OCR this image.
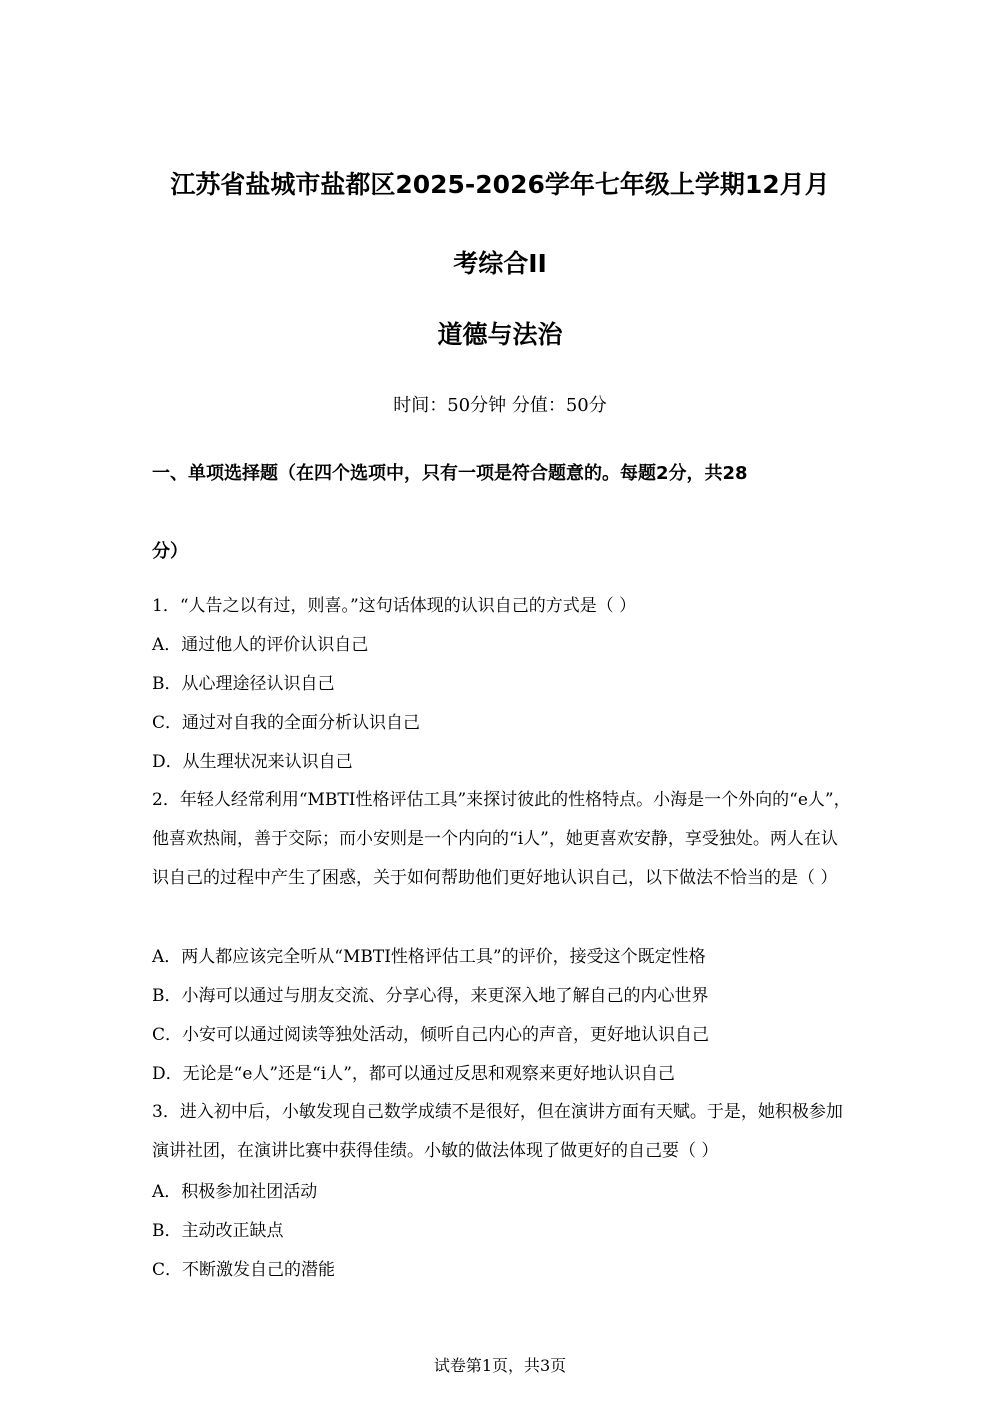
江苏省盐城市盐都区2025-2026学年七年级上学期12月月
考综合II
道德与法治
时间：50分钟 分值：50分
一、单项选择题（在四个选项中，只有一项是符合题意的。每题2分，共28
分）

1．“人告之以有过，则喜。”这句话体现的认识自己的方式是（ ）

A．通过他人的评价认识自己

B．从心理途径认识自己

C．通过对自我的全面分析认识自己

D．从生理状况来认识自己

2．年轻人经常利用“MBTI性格评估工具”来探讨彼此的性格特点。小海是一个外向的“e人”，他喜欢热闹，善于交际；而小安则是一个内向的“i人”，她更喜欢安静，享受独处。两人在认识自己的过程中产生了困惑，关于如何帮助他们更好地认识自己，以下做法不恰当的是（ ）

A．两人都应该完全听从“MBTI性格评估工具”的评价，接受这个既定性格

B．小海可以通过与朋友交流、分享心得，来更深入地了解自己的内心世界

C．小安可以通过阅读等独处活动，倾听自己内心的声音，更好地认识自己

D．无论是“e人”还是“i人”，都可以通过反思和观察来更好地认识自己

3．进入初中后，小敏发现自己数学成绩不是很好，但在演讲方面有天赋。于是，她积极参加演讲社团，在演讲比赛中获得佳绩。小敏的做法体现了做更好的自己要（ ）

A．积极参加社团活动

B．主动改正缺点

C．不断激发自己的潜能

试卷第1页，共3页
